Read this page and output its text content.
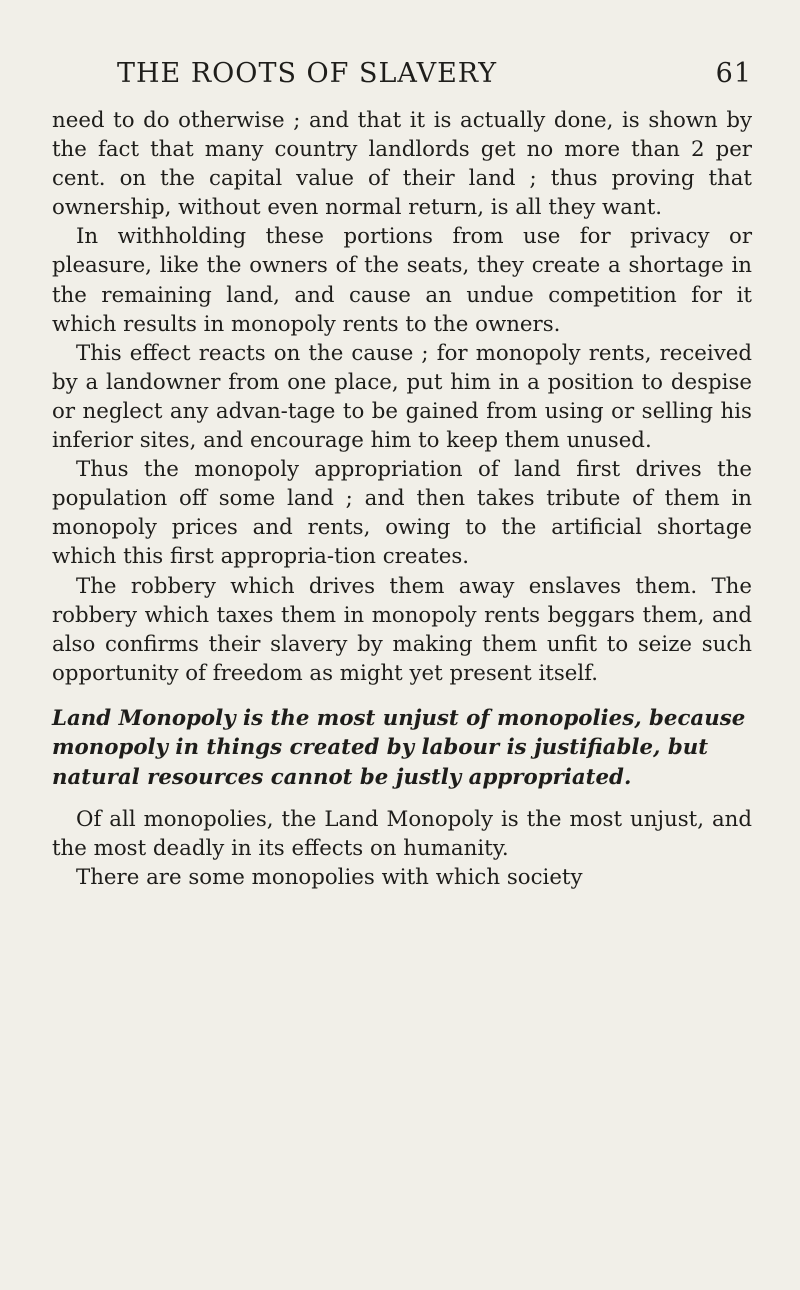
THE ROOTS OF SLAVERY	61

need to do otherwise ; and that it is actually done, is shown by the fact that many country landlords get no more than 2 per cent. on the capital value of their land ; thus proving that ownership, without even normal return, is all they want.

In withholding these portions from use for privacy or pleasure, like the owners of the seats, they create a shortage in the remaining land, and cause an undue competition for it which results in monopoly rents to the owners.

This effect reacts on the cause ; for monopoly rents, received by a landowner from one place, put him in a position to despise or neglect any advan-tage to be gained from using or selling his inferior sites, and encourage him to keep them unused.

Thus the monopoly appropriation of land first drives the population off some land ; and then takes tribute of them in monopoly prices and rents, owing to the artificial shortage which this first appropria-tion creates.

The robbery which drives them away enslaves them. The robbery which taxes them in monopoly rents beggars them, and also confirms their slavery by making them unfit to seize such opportunity of freedom as might yet present itself.

Land Monopoly is the most unjust of monopolies, because monopoly in things created by labour is justifiable, but natural resources cannot be justly appropriated.

Of all monopolies, the Land Monopoly is the most unjust, and the most deadly in its effects on humanity.

There are some monopolies with which society
